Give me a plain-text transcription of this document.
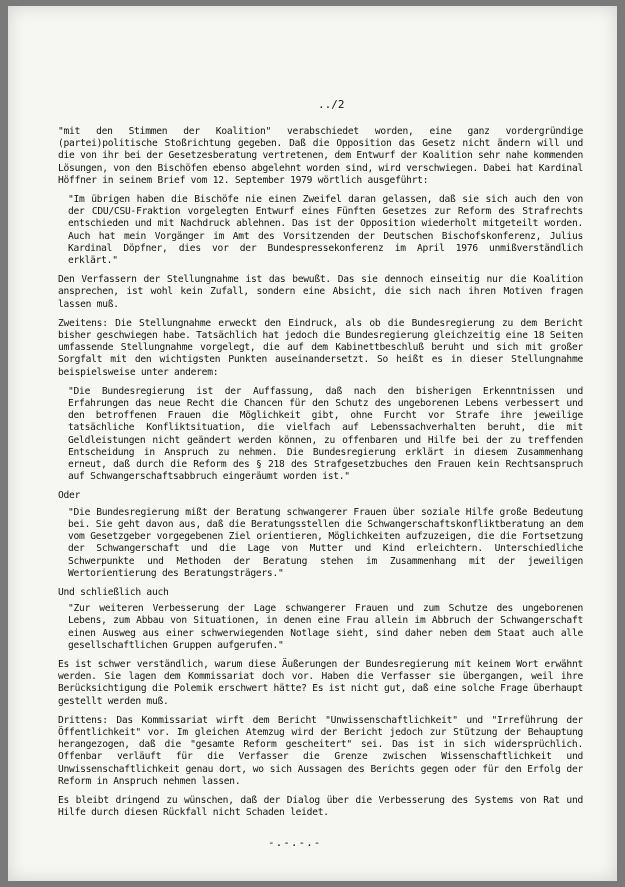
../2

"mit den Stimmen der Koalition" verabschiedet worden, eine ganz vordergründige (partei)politische Stoßrichtung gegeben. Daß die Opposition das Gesetz nicht ändern will und die von ihr bei der Gesetzesberatung vertretenen, dem Entwurf der Koalition sehr nahe kommenden Lösungen, von den Bischöfen ebenso abgelehnt worden sind, wird verschwiegen. Dabei hat Kardinal Höffner in seinem Brief vom 12. September 1979 wörtlich ausgeführt:

"Im übrigen haben die Bischöfe nie einen Zweifel daran gelassen, daß sie sich auch den von der CDU/CSU-Fraktion vorgelegten Entwurf eines Fünften Gesetzes zur Reform des Strafrechts entschieden und mit Nachdruck ablehnen. Das ist der Opposition wiederholt mitgeteilt worden. Auch hat mein Vorgänger im Amt des Vorsitzenden der Deutschen Bischofskonferenz, Julius Kardinal Döpfner, dies vor der Bundespressekonferenz im April 1976 unmißverständlich erklärt."

Den Verfassern der Stellungnahme ist das bewußt. Das sie dennoch einseitig nur die Koalition ansprechen, ist wohl kein Zufall, sondern eine Absicht, die sich nach ihren Motiven fragen lassen muß.

Zweitens: Die Stellungnahme erweckt den Eindruck, als ob die Bundesregierung zu dem Bericht bisher geschwiegen habe. Tatsächlich hat jedoch die Bundesregierung gleichzeitig eine 18 Seiten umfassende Stellungnahme vorgelegt, die auf dem Kabinettbeschluß beruht und sich mit großer Sorgfalt mit den wichtigsten Punkten auseinandersetzt. So heißt es in dieser Stellungnahme beispielsweise unter anderem:

"Die Bundesregierung ist der Auffassung, daß nach den bisherigen Erkenntnissen und Erfahrungen das neue Recht die Chancen für den Schutz des ungeborenen Lebens verbessert und den betroffenen Frauen die Möglichkeit gibt, ohne Furcht vor Strafe ihre jeweilige tatsächliche Konfliktsituation, die vielfach auf Lebenssachverhalten beruht, die mit Geldleistungen nicht geändert werden können, zu offenbaren und Hilfe bei der zu treffenden Entscheidung in Anspruch zu nehmen. Die Bundesregierung erklärt in diesem Zusammenhang erneut, daß durch die Reform des § 218 des Strafgesetzbuches den Frauen kein Rechtsanspruch auf Schwangerschaftsabbruch eingeräumt worden ist."

Oder

"Die Bundesregierung mißt der Beratung schwangerer Frauen über soziale Hilfe große Bedeutung bei. Sie geht davon aus, daß die Beratungsstellen die Schwangerschaftskonfliktberatung an dem vom Gesetzgeber vorgegebenen Ziel orientieren, Möglichkeiten aufzuzeigen, die die Fortsetzung der Schwangerschaft und die Lage von Mutter und Kind erleichtern. Unterschiedliche Schwerpunkte und Methoden der Beratung stehen im Zusammenhang mit der jeweiligen Wertorientierung des Beratungsträgers."

Und schließlich auch

"Zur weiteren Verbesserung der Lage schwangerer Frauen und zum Schutze des ungeborenen Lebens, zum Abbau von Situationen, in denen eine Frau allein im Abbruch der Schwangerschaft einen Ausweg aus einer schwerwiegenden Notlage sieht, sind daher neben dem Staat auch alle gesellschaftlichen Gruppen aufgerufen."

Es ist schwer verständlich, warum diese Äußerungen der Bundesregierung mit keinem Wort erwähnt werden. Sie lagen dem Kommissariat doch vor. Haben die Verfasser sie übergangen, weil ihre Berücksichtigung die Polemik erschwert hätte? Es ist nicht gut, daß eine solche Frage überhaupt gestellt werden muß.

Drittens: Das Kommissariat wirft dem Bericht "Unwissenschaftlichkeit" und "Irreführung der Öffentlichkeit" vor. Im gleichen Atemzug wird der Bericht jedoch zur Stützung der Behauptung herangezogen, daß die "gesamte Reform gescheitert" sei. Das ist in sich widersprüchlich. Offenbar verläuft für die Verfasser die Grenze zwischen Wissenschaftlichkeit und Unwissenschaftlichkeit genau dort, wo sich Aussagen des Berichts gegen oder für den Erfolg der Reform in Anspruch nehmen lassen.

Es bleibt dringend zu wünschen, daß der Dialog über die Verbesserung des Systems von Rat und Hilfe durch diesen Rückfall nicht Schaden leidet.

-.-.-.-
